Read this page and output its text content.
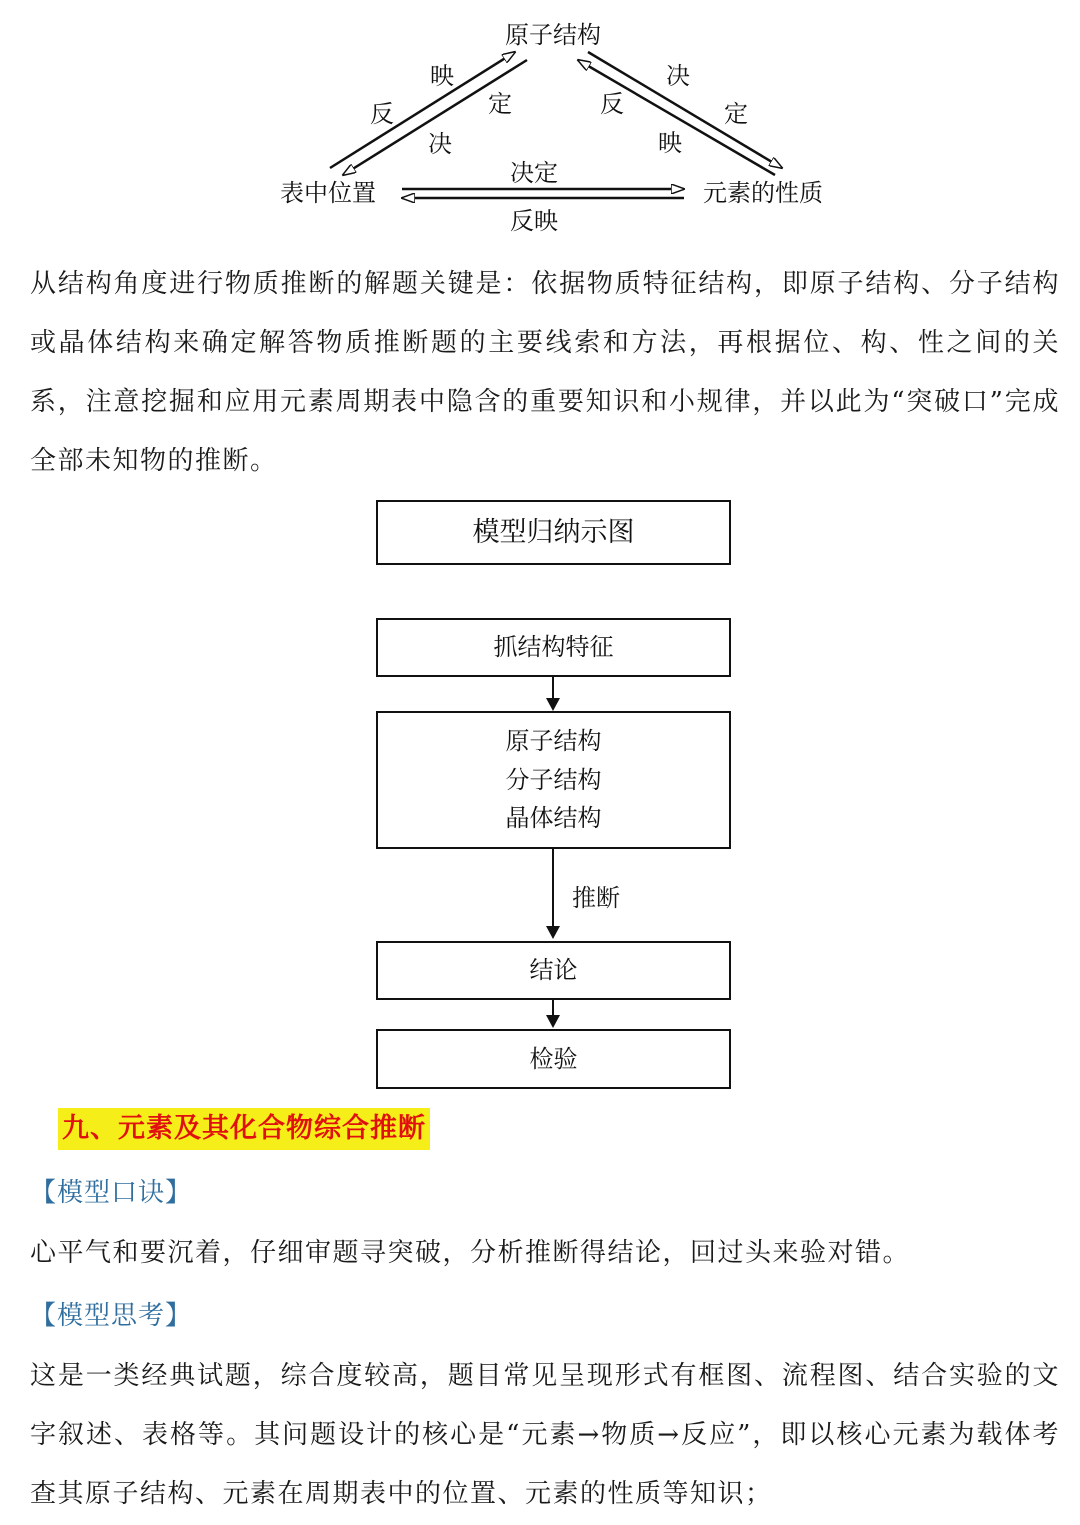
原子结构
表中位置	元素的性质
反
映
定
决
决
定
反
映
决定
反映
从结构角度进行物质推断的解题关键是：依据物质特征结构，即原子结构、分子结构或晶体结构来确定解答物质推断题的主要线索和方法，再根据位、构、性之间的关系，注意挖掘和应用元素周期表中隐含的重要知识和小规律，并以此为“突破口”完成全部未知物的推断。
模型归纳示图
抓结构特征
原子结构
分子结构
晶体结构
推断
结论
检验
九、元素及其化合物综合推断
【模型口诀】
心平气和要沉着，仔细审题寻突破，分析推断得结论，回过头来验对错。
【模型思考】
这是一类经典试题，综合度较高，题目常见呈现形式有框图、流程图、结合实验的文字叙述、表格等。其问题设计的核心是“元素→物质→反应”，即以核心元素为载体考查其原子结构、元素在周期表中的位置、元素的性质等知识；
